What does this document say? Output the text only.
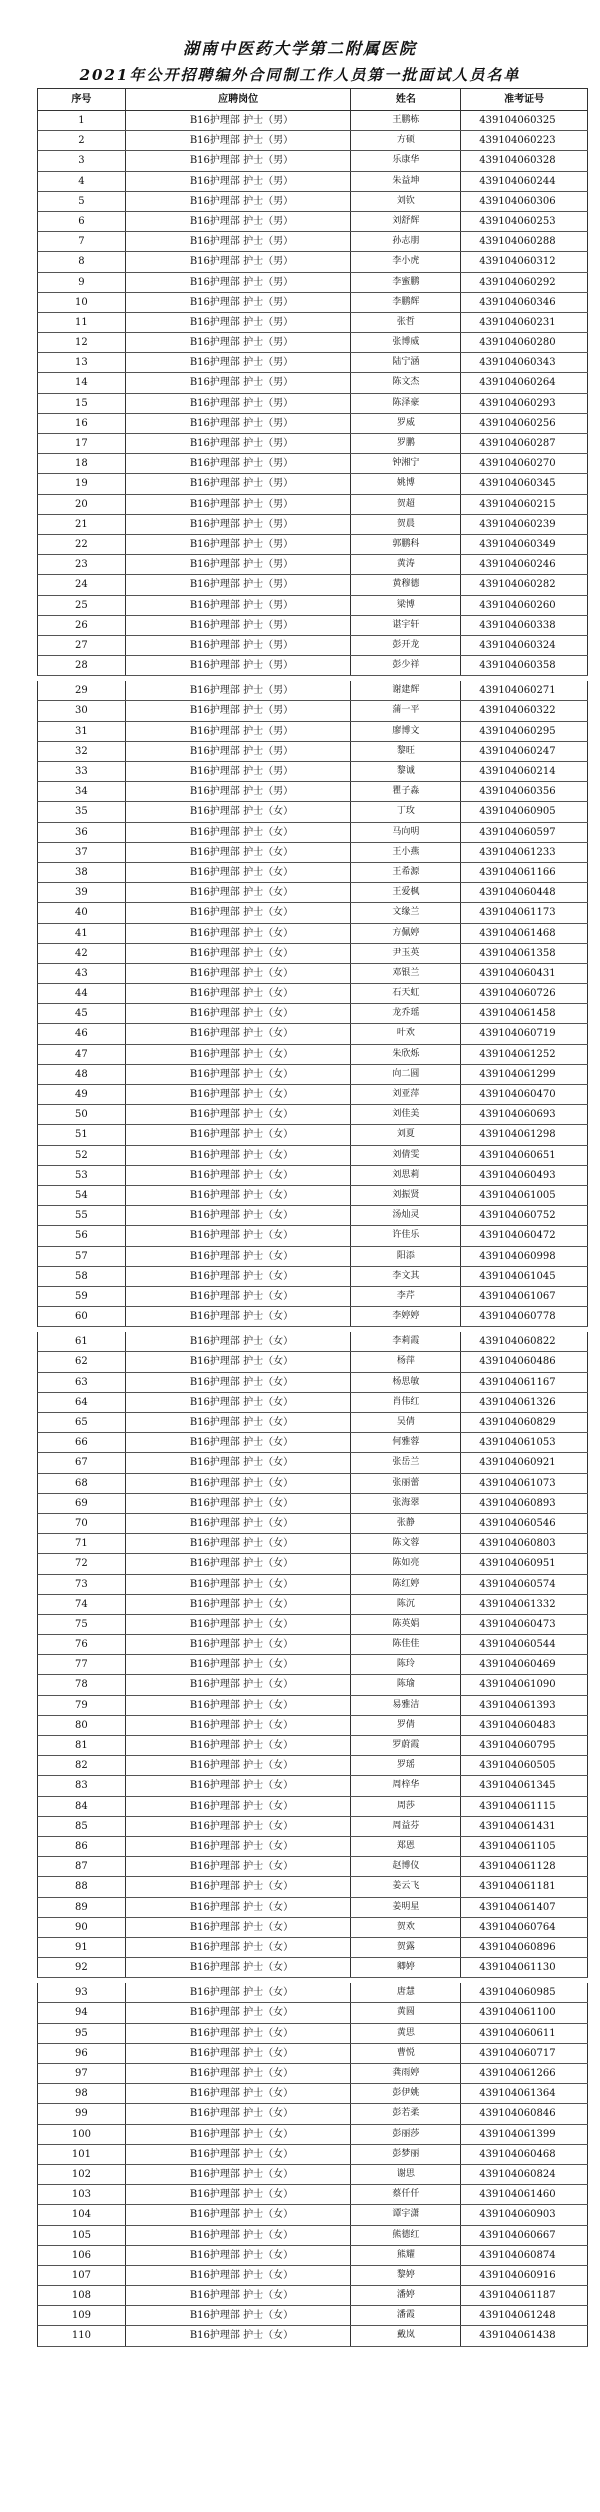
湖南中医药大学第二附属医院
2021年公开招聘编外合同制工作人员第一批面试人员名单
序号	应聘岗位	姓名	准考证号
1	B16护理部 护士（男）	王鹏栋	439104060325
2	B16护理部 护士（男）	方硕	439104060223
3	B16护理部 护士（男）	乐康华	439104060328
4	B16护理部 护士（男）	朱益坤	439104060244
5	B16护理部 护士（男）	刘钦	439104060306
6	B16护理部 护士（男）	刘舒辉	439104060253
7	B16护理部 护士（男）	孙志朋	439104060288
8	B16护理部 护士（男）	李小虎	439104060312
9	B16护理部 护士（男）	李蜜鹏	439104060292
10	B16护理部 护士（男）	李鹏辉	439104060346
11	B16护理部 护士（男）	张哲	439104060231
12	B16护理部 护士（男）	张博威	439104060280
13	B16护理部 护士（男）	陆宁涵	439104060343
14	B16护理部 护士（男）	陈文杰	439104060264
15	B16护理部 护士（男）	陈泽豪	439104060293
16	B16护理部 护士（男）	罗威	439104060256
17	B16护理部 护士（男）	罗鹏	439104060287
18	B16护理部 护士（男）	钟湘宁	439104060270
19	B16护理部 护士（男）	姚博	439104060345
20	B16护理部 护士（男）	贺超	439104060215
21	B16护理部 护士（男）	贺晨	439104060239
22	B16护理部 护士（男）	郭鹏科	439104060349
23	B16护理部 护士（男）	黄涛	439104060246
24	B16护理部 护士（男）	黄穆德	439104060282
25	B16护理部 护士（男）	梁博	439104060260
26	B16护理部 护士（男）	谌宇轩	439104060338
27	B16护理部 护士（男）	彭开龙	439104060324
28	B16护理部 护士（男）	彭少祥	439104060358
29	B16护理部 护士（男）	谢建辉	439104060271
30	B16护理部 护士（男）	蒲一平	439104060322
31	B16护理部 护士（男）	廖博文	439104060295
32	B16护理部 护士（男）	黎旺	439104060247
33	B16护理部 护士（男）	黎诚	439104060214
34	B16护理部 护士（男）	瞿子淼	439104060356
35	B16护理部 护士（女）	丁玫	439104060905
36	B16护理部 护士（女）	马向明	439104060597
37	B16护理部 护士（女）	王小燕	439104061233
38	B16护理部 护士（女）	王希源	439104061166
39	B16护理部 护士（女）	王爱枫	439104060448
40	B16护理部 护士（女）	文缘兰	439104061173
41	B16护理部 护士（女）	方佩婷	439104061468
42	B16护理部 护士（女）	尹玉英	439104061358
43	B16护理部 护士（女）	邓银兰	439104060431
44	B16护理部 护士（女）	石天虹	439104060726
45	B16护理部 护士（女）	龙乔瑶	439104061458
46	B16护理部 护士（女）	叶欢	439104060719
47	B16护理部 护士（女）	朱欣烁	439104061252
48	B16护理部 护士（女）	向二圆	439104061299
49	B16护理部 护士（女）	刘亚萍	439104060470
50	B16护理部 护士（女）	刘佳美	439104060693
51	B16护理部 护士（女）	刘夏	439104061298
52	B16护理部 护士（女）	刘倩雯	439104060651
53	B16护理部 护士（女）	刘思莉	439104060493
54	B16护理部 护士（女）	刘振贤	439104061005
55	B16护理部 护士（女）	汤灿灵	439104060752
56	B16护理部 护士（女）	许佳乐	439104060472
57	B16护理部 护士（女）	阳添	439104060998
58	B16护理部 护士（女）	李文其	439104061045
59	B16护理部 护士（女）	李芹	439104061067
60	B16护理部 护士（女）	李婷婷	439104060778
61	B16护理部 护士（女）	李莉霞	439104060822
62	B16护理部 护士（女）	杨萍	439104060486
63	B16护理部 护士（女）	杨思敏	439104061167
64	B16护理部 护士（女）	肖伟红	439104061326
65	B16护理部 护士（女）	吴倩	439104060829
66	B16护理部 护士（女）	何雅蓉	439104061053
67	B16护理部 护士（女）	张岳兰	439104060921
68	B16护理部 护士（女）	张丽蕾	439104061073
69	B16护理部 护士（女）	张海翠	439104060893
70	B16护理部 护士（女）	张静	439104060546
71	B16护理部 护士（女）	陈文蓉	439104060803
72	B16护理部 护士（女）	陈如亮	439104060951
73	B16护理部 护士（女）	陈红婷	439104060574
74	B16护理部 护士（女）	陈沉	439104061332
75	B16护理部 护士（女）	陈英娟	439104060473
76	B16护理部 护士（女）	陈佳佳	439104060544
77	B16护理部 护士（女）	陈玲	439104060469
78	B16护理部 护士（女）	陈瑜	439104061090
79	B16护理部 护士（女）	易雅洁	439104061393
80	B16护理部 护士（女）	罗倩	439104060483
81	B16护理部 护士（女）	罗蔚霞	439104060795
82	B16护理部 护士（女）	罗瑶	439104060505
83	B16护理部 护士（女）	周梓华	439104061345
84	B16护理部 护士（女）	周莎	439104061115
85	B16护理部 护士（女）	周益芬	439104061431
86	B16护理部 护士（女）	郑恩	439104061105
87	B16护理部 护士（女）	赵博仪	439104061128
88	B16护理部 护士（女）	姜云飞	439104061181
89	B16护理部 护士（女）	姜明星	439104061407
90	B16护理部 护士（女）	贺欢	439104060764
91	B16护理部 护士（女）	贺露	439104060896
92	B16护理部 护士（女）	卿婷	439104061130
93	B16护理部 护士（女）	唐慧	439104060985
94	B16护理部 护士（女）	黄圆	439104061100
95	B16护理部 护士（女）	黄思	439104060611
96	B16护理部 护士（女）	曹悦	439104060717
97	B16护理部 护士（女）	龚雨婷	439104061266
98	B16护理部 护士（女）	彭伊姚	439104061364
99	B16护理部 护士（女）	彭若柔	439104060846
100	B16护理部 护士（女）	彭丽莎	439104061399
101	B16护理部 护士（女）	彭梦丽	439104060468
102	B16护理部 护士（女）	谢思	439104060824
103	B16护理部 护士（女）	蔡仟仟	439104061460
104	B16护理部 护士（女）	谭宇潇	439104060903
105	B16护理部 护士（女）	熊德红	439104060667
106	B16护理部 护士（女）	熊耀	439104060874
107	B16护理部 护士（女）	黎婷	439104060916
108	B16护理部 护士（女）	潘婷	439104061187
109	B16护理部 护士（女）	潘霞	439104061248
110	B16护理部 护士（女）	戴岚	439104061438
